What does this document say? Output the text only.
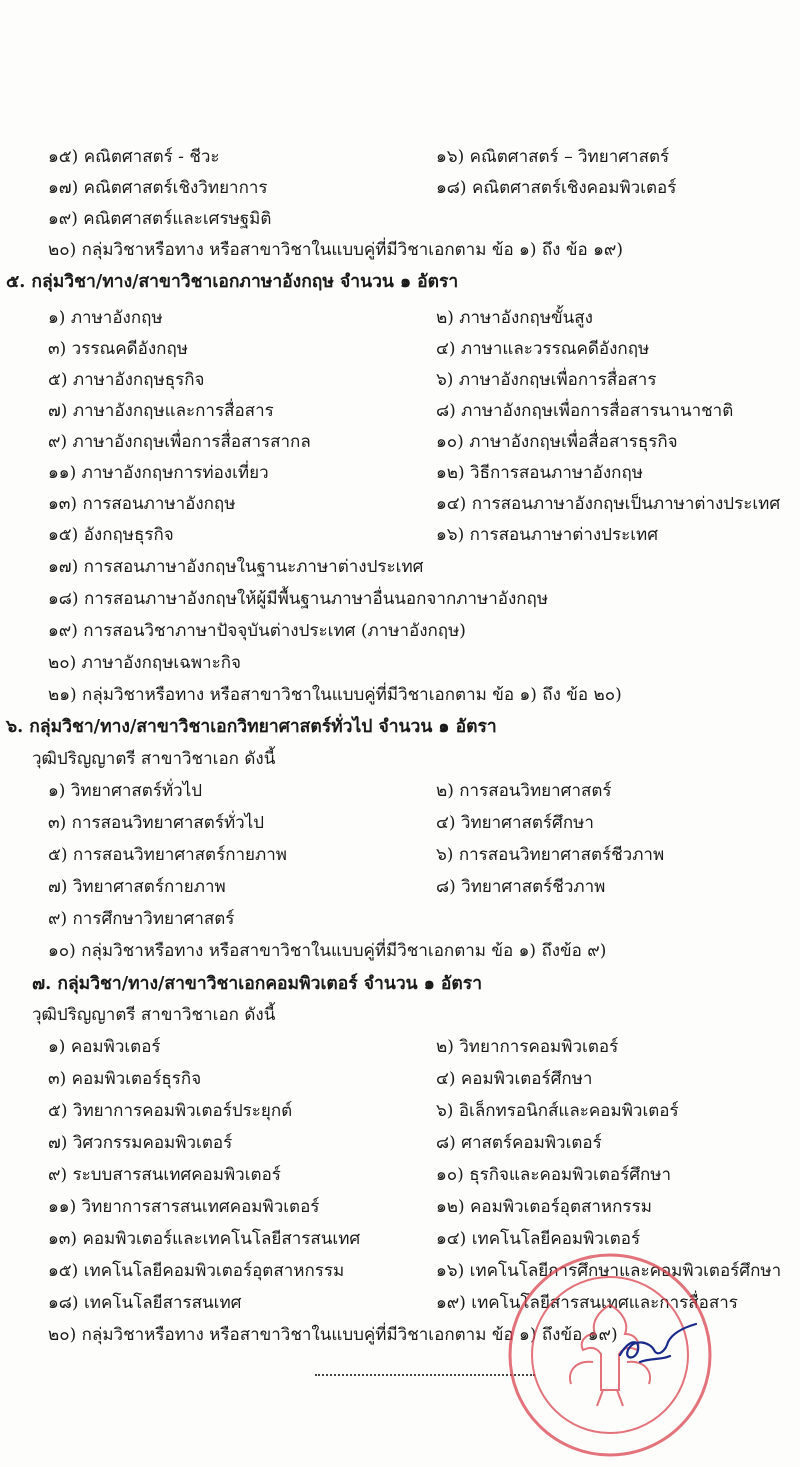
๑๕) คณิตศาสตร์ - ชีวะ	๑๖) คณิตศาสตร์ – วิทยาศาสตร์
๑๗) คณิตศาสตร์เชิงวิทยาการ	๑๘) คณิตศาสตร์เชิงคอมพิวเตอร์
๑๙) คณิตศาสตร์และเศรษฐมิติ
๒๐) กลุ่มวิชาหรือทาง หรือสาขาวิชาในแบบคู่ที่มีวิชาเอกตาม ข้อ ๑) ถึง ข้อ ๑๙)
๕. กลุ่มวิชา/ทาง/สาขาวิชาเอกภาษาอังกฤษ จำนวน ๑ อัตรา
๑) ภาษาอังกฤษ	๒) ภาษาอังกฤษขั้นสูง
๓) วรรณคดีอังกฤษ	๔) ภาษาและวรรณคดีอังกฤษ
๕) ภาษาอังกฤษธุรกิจ	๖) ภาษาอังกฤษเพื่อการสื่อสาร
๗) ภาษาอังกฤษและการสื่อสาร	๘) ภาษาอังกฤษเพื่อการสื่อสารนานาชาติ
๙) ภาษาอังกฤษเพื่อการสื่อสารสากล	๑๐) ภาษาอังกฤษเพื่อสื่อสารธุรกิจ
๑๑) ภาษาอังกฤษการท่องเที่ยว	๑๒) วิธีการสอนภาษาอังกฤษ
๑๓) การสอนภาษาอังกฤษ	๑๔) การสอนภาษาอังกฤษเป็นภาษาต่างประเทศ
๑๕) อังกฤษธุรกิจ	๑๖) การสอนภาษาต่างประเทศ
๑๗) การสอนภาษาอังกฤษในฐานะภาษาต่างประเทศ
๑๘) การสอนภาษาอังกฤษให้ผู้มีพื้นฐานภาษาอื่นนอกจากภาษาอังกฤษ
๑๙) การสอนวิชาภาษาปัจจุบันต่างประเทศ (ภาษาอังกฤษ)
๒๐) ภาษาอังกฤษเฉพาะกิจ
๒๑) กลุ่มวิชาหรือทาง หรือสาขาวิชาในแบบคู่ที่มีวิชาเอกตาม ข้อ ๑) ถึง ข้อ ๒๐)
๖. กลุ่มวิชา/ทาง/สาขาวิชาเอกวิทยาศาสตร์ทั่วไป จำนวน ๑ อัตรา
วุฒิปริญญาตรี สาขาวิชาเอก ดังนี้
๑) วิทยาศาสตร์ทั่วไป	๒) การสอนวิทยาศาสตร์
๓) การสอนวิทยาศาสตร์ทั่วไป	๔) วิทยาศาสตร์ศึกษา
๕) การสอนวิทยาศาสตร์กายภาพ	๖) การสอนวิทยาศาสตร์ชีวภาพ
๗) วิทยาศาสตร์กายภาพ	๘) วิทยาศาสตร์ชีวภาพ
๙) การศึกษาวิทยาศาสตร์
๑๐) กลุ่มวิชาหรือทาง หรือสาขาวิชาในแบบคู่ที่มีวิชาเอกตาม ข้อ ๑) ถึงข้อ ๙)
๗. กลุ่มวิชา/ทาง/สาขาวิชาเอกคอมพิวเตอร์ จำนวน ๑ อัตรา
วุฒิปริญญาตรี สาขาวิชาเอก ดังนี้
๑) คอมพิวเตอร์	๒) วิทยาการคอมพิวเตอร์
๓) คอมพิวเตอร์ธุรกิจ	๔) คอมพิวเตอร์ศึกษา
๕) วิทยาการคอมพิวเตอร์ประยุกต์	๖) อิเล็กทรอนิกส์และคอมพิวเตอร์
๗) วิศวกรรมคอมพิวเตอร์	๘) ศาสตร์คอมพิวเตอร์
๙) ระบบสารสนเทศคอมพิวเตอร์	๑๐) ธุรกิจและคอมพิวเตอร์ศึกษา
๑๑) วิทยาการสารสนเทศคอมพิวเตอร์	๑๒) คอมพิวเตอร์อุตสาหกรรม
๑๓) คอมพิวเตอร์และเทคโนโลยีสารสนเทศ	๑๔) เทคโนโลยีคอมพิวเตอร์
๑๕) เทคโนโลยีคอมพิวเตอร์อุตสาหกรรม	๑๖) เทคโนโลยีการศึกษาและคอมพิวเตอร์ศึกษา
๑๘) เทคโนโลยีสารสนเทศ	๑๙) เทคโนโลยีสารสนเทศและการสื่อสาร
๒๐) กลุ่มวิชาหรือทาง หรือสาขาวิชาในแบบคู่ที่มีวิชาเอกตาม ข้อ ๑) ถึงข้อ ๑๙)
